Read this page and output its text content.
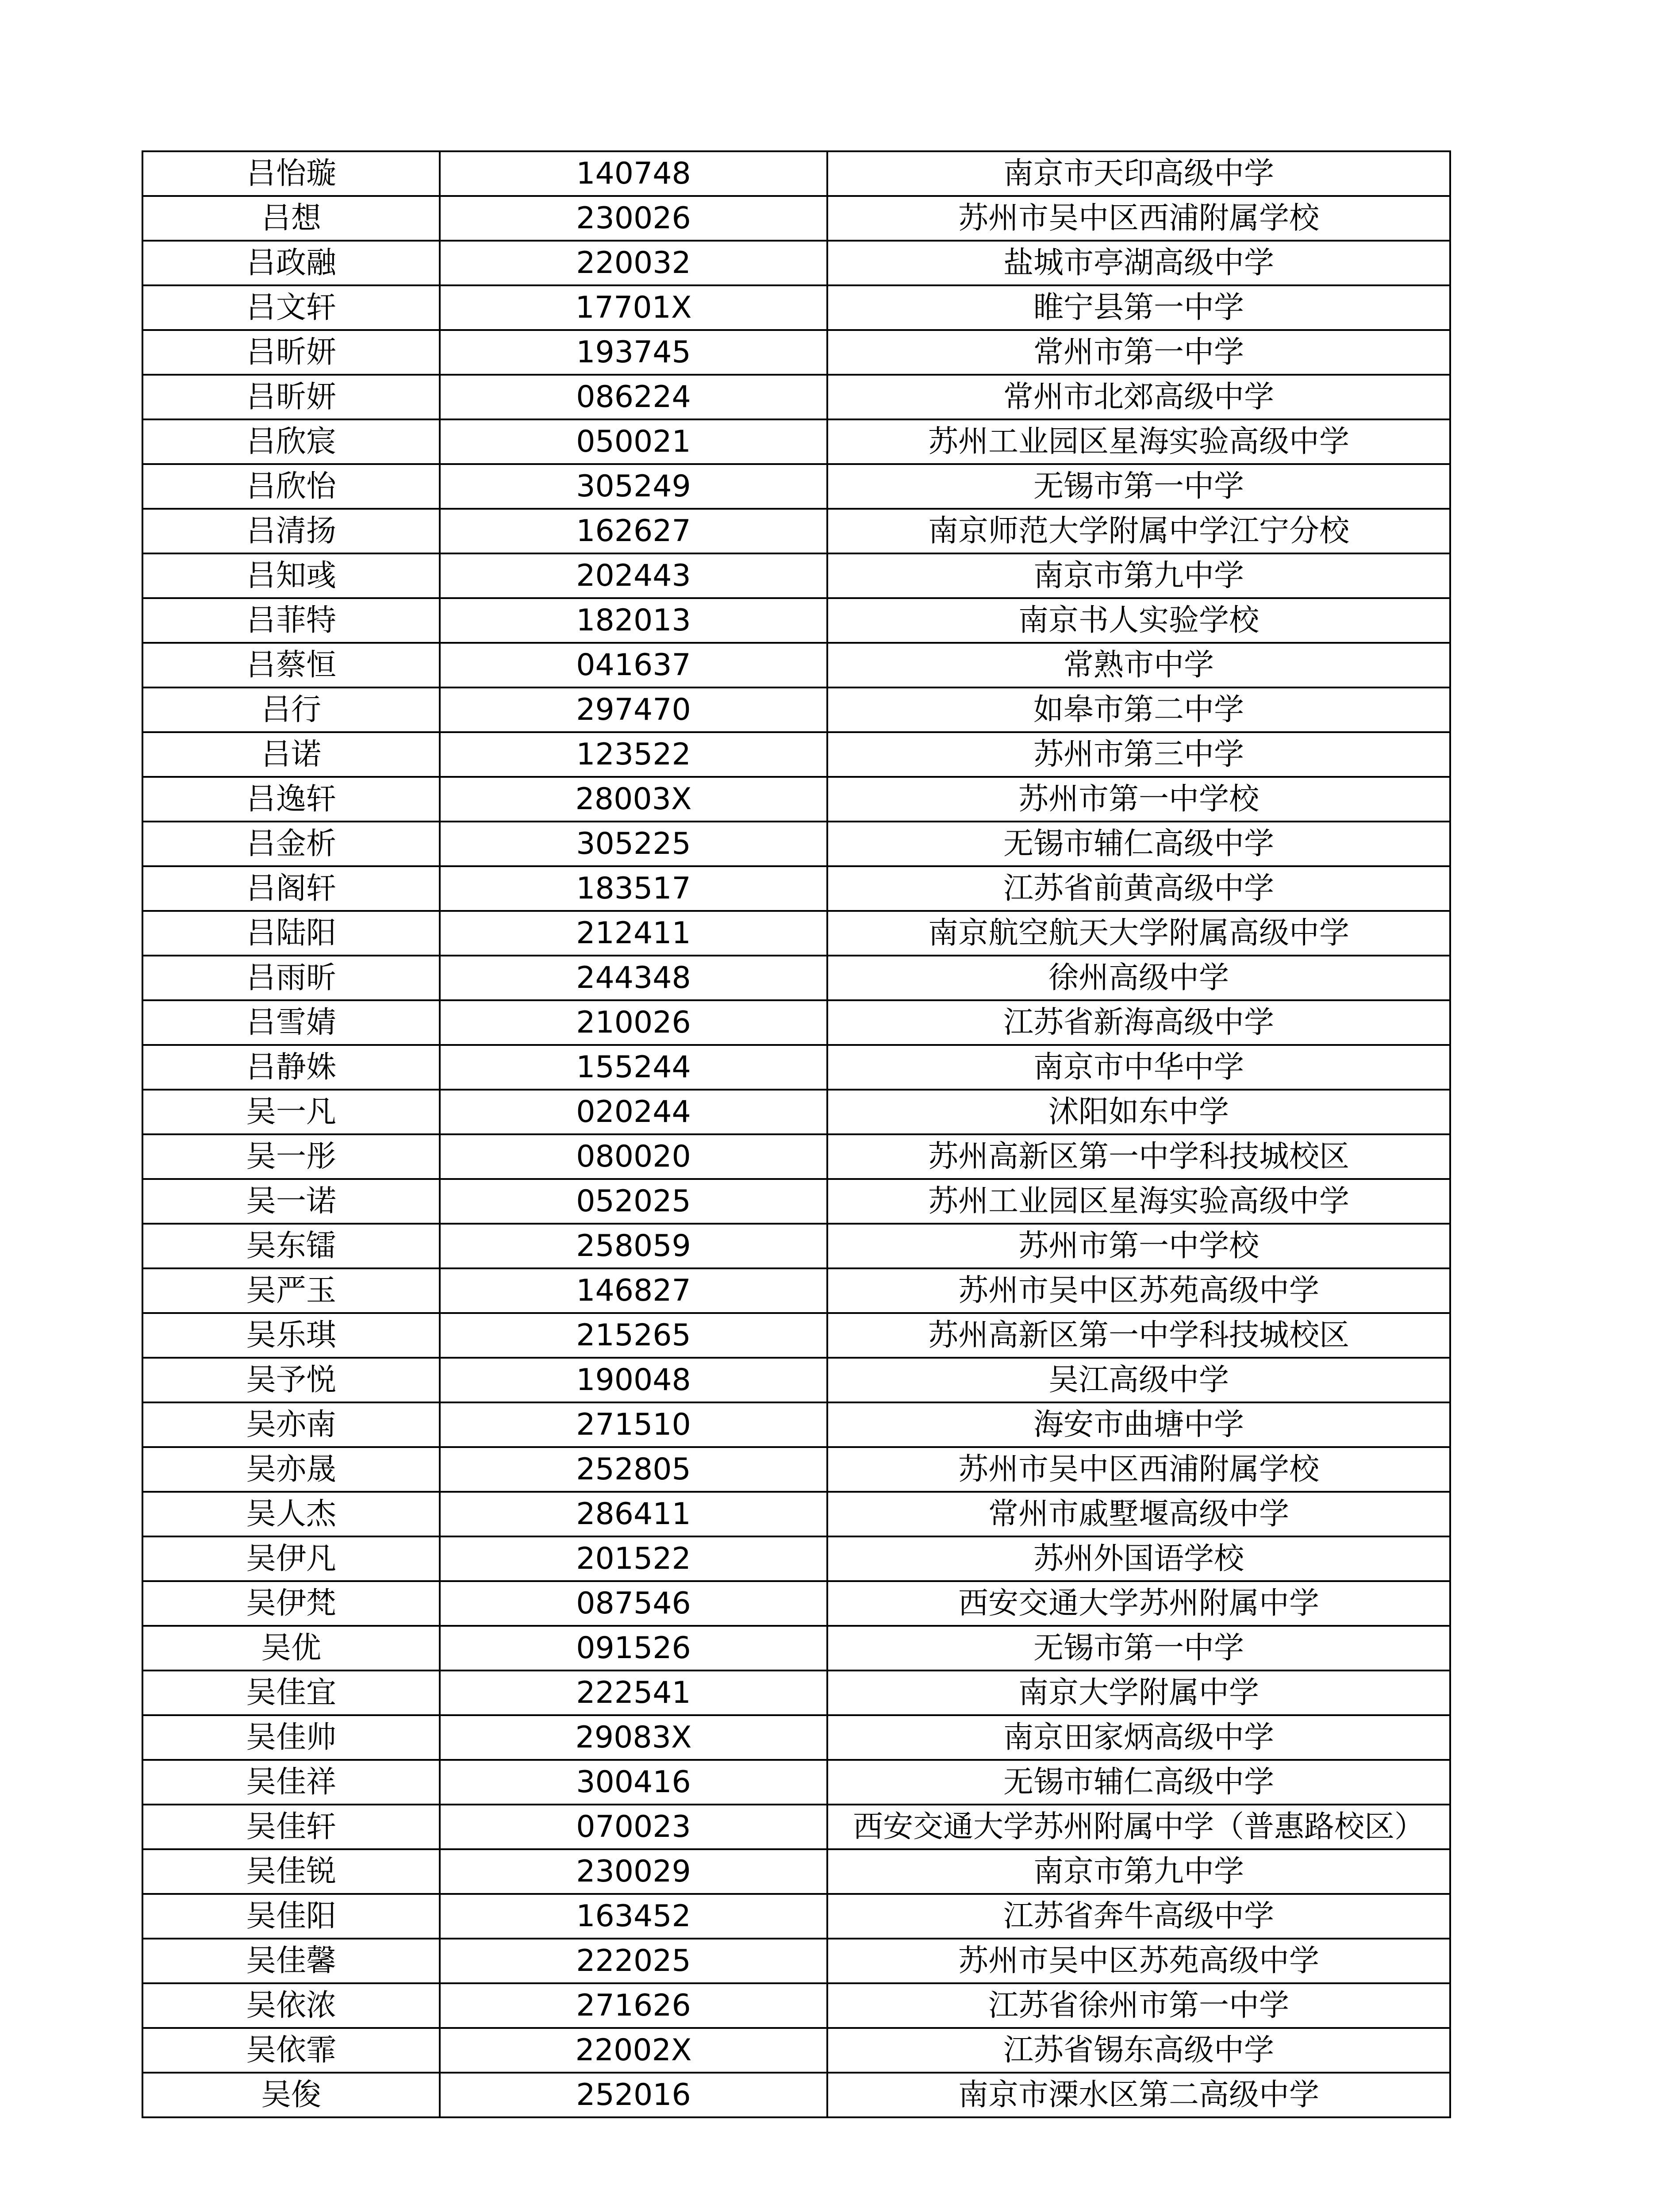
吕怡璇	140748	南京市天印高级中学
吕想	230026	苏州市吴中区西浦附属学校
吕政融	220032	盐城市亭湖高级中学
吕文轩	17701X	睢宁县第一中学
吕昕妍	193745	常州市第一中学
吕昕妍	086224	常州市北郊高级中学
吕欣宸	050021	苏州工业园区星海实验高级中学
吕欣怡	305249	无锡市第一中学
吕清扬	162627	南京师范大学附属中学江宁分校
吕知彧	202443	南京市第九中学
吕菲特	182013	南京书人实验学校
吕蔡恒	041637	常熟市中学
吕行	297470	如皋市第二中学
吕诺	123522	苏州市第三中学
吕逸轩	28003X	苏州市第一中学校
吕金析	305225	无锡市辅仁高级中学
吕阁轩	183517	江苏省前黄高级中学
吕陆阳	212411	南京航空航天大学附属高级中学
吕雨昕	244348	徐州高级中学
吕雪婧	210026	江苏省新海高级中学
吕静姝	155244	南京市中华中学
吴一凡	020244	沭阳如东中学
吴一彤	080020	苏州高新区第一中学科技城校区
吴一诺	052025	苏州工业园区星海实验高级中学
吴东镭	258059	苏州市第一中学校
吴严玉	146827	苏州市吴中区苏苑高级中学
吴乐琪	215265	苏州高新区第一中学科技城校区
吴予悦	190048	吴江高级中学
吴亦南	271510	海安市曲塘中学
吴亦晟	252805	苏州市吴中区西浦附属学校
吴人杰	286411	常州市戚墅堰高级中学
吴伊凡	201522	苏州外国语学校
吴伊梵	087546	西安交通大学苏州附属中学
吴优	091526	无锡市第一中学
吴佳宜	222541	南京大学附属中学
吴佳帅	29083X	南京田家炳高级中学
吴佳祥	300416	无锡市辅仁高级中学
吴佳轩	070023	西安交通大学苏州附属中学（普惠路校区）
吴佳锐	230029	南京市第九中学
吴佳阳	163452	江苏省奔牛高级中学
吴佳馨	222025	苏州市吴中区苏苑高级中学
吴依浓	271626	江苏省徐州市第一中学
吴依霏	22002X	江苏省锡东高级中学
吴俊	252016	南京市溧水区第二高级中学
